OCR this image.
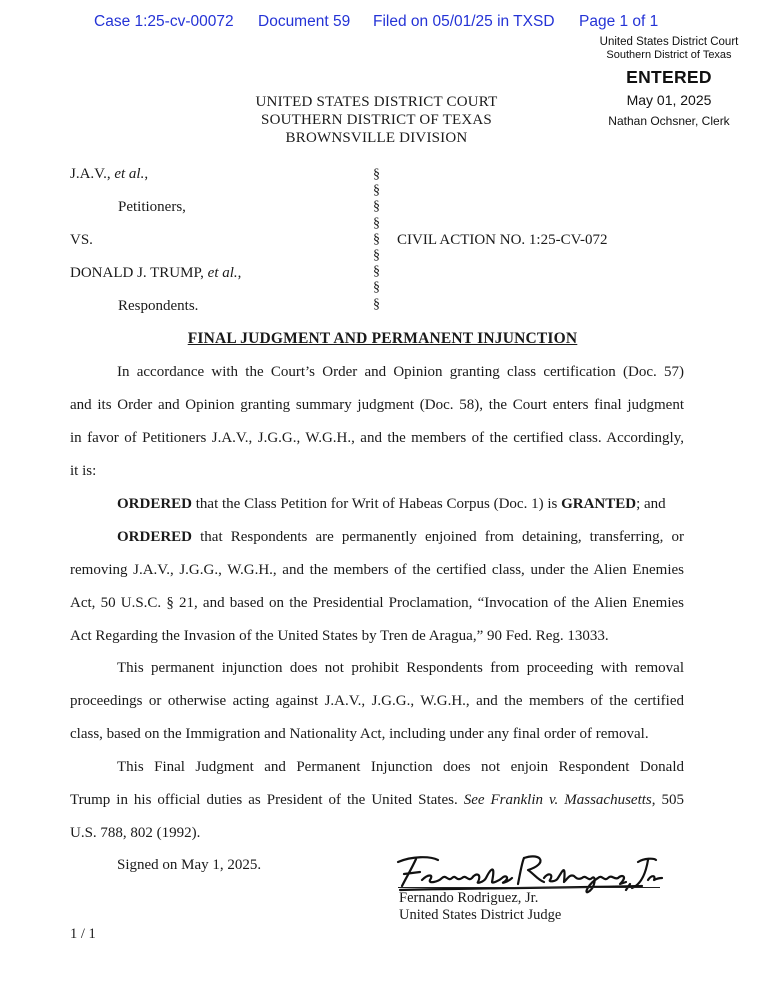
Case 1:25-cv-00072 Document 59 Filed on 05/01/25 in TXSD Page 1 of 1
United States District Court
Southern District of Texas
ENTERED
May 01, 2025
Nathan Ochsner, Clerk
UNITED STATES DISTRICT COURT
SOUTHERN DISTRICT OF TEXAS
BROWNSVILLE DIVISION
J.A.V., et al.,
Petitioners,
VS.
DONALD J. TRUMP, et al.,
Respondents.
CIVIL ACTION NO. 1:25-CV-072
§
§
§
§
§
§
§
§
§
FINAL JUDGMENT AND PERMANENT INJUNCTION
In accordance with the Court’s Order and Opinion granting class certification (Doc. 57)
and its Order and Opinion granting summary judgment (Doc. 58), the Court enters final judgment
in favor of Petitioners J.A.V., J.G.G., W.G.H., and the members of the certified class. Accordingly,
it is:
ORDERED that the Class Petition for Writ of Habeas Corpus (Doc. 1) is GRANTED; and
ORDERED that Respondents are permanently enjoined from detaining, transferring, or
removing J.A.V., J.G.G., W.G.H., and the members of the certified class, under the Alien Enemies
Act, 50 U.S.C. § 21, and based on the Presidential Proclamation, “Invocation of the Alien Enemies
Act Regarding the Invasion of the United States by Tren de Aragua,” 90 Fed. Reg. 13033.
This permanent injunction does not prohibit Respondents from proceeding with removal
proceedings or otherwise acting against J.A.V., J.G.G., W.G.H., and the members of the certified
class, based on the Immigration and Nationality Act, including under any final order of removal.
This Final Judgment and Permanent Injunction does not enjoin Respondent Donald
Trump in his official duties as President of the United States. See Franklin v. Massachusetts, 505
U.S. 788, 802 (1992).
Signed on May 1, 2025.
Fernando Rodriguez, Jr.
United States District Judge
1 / 1
